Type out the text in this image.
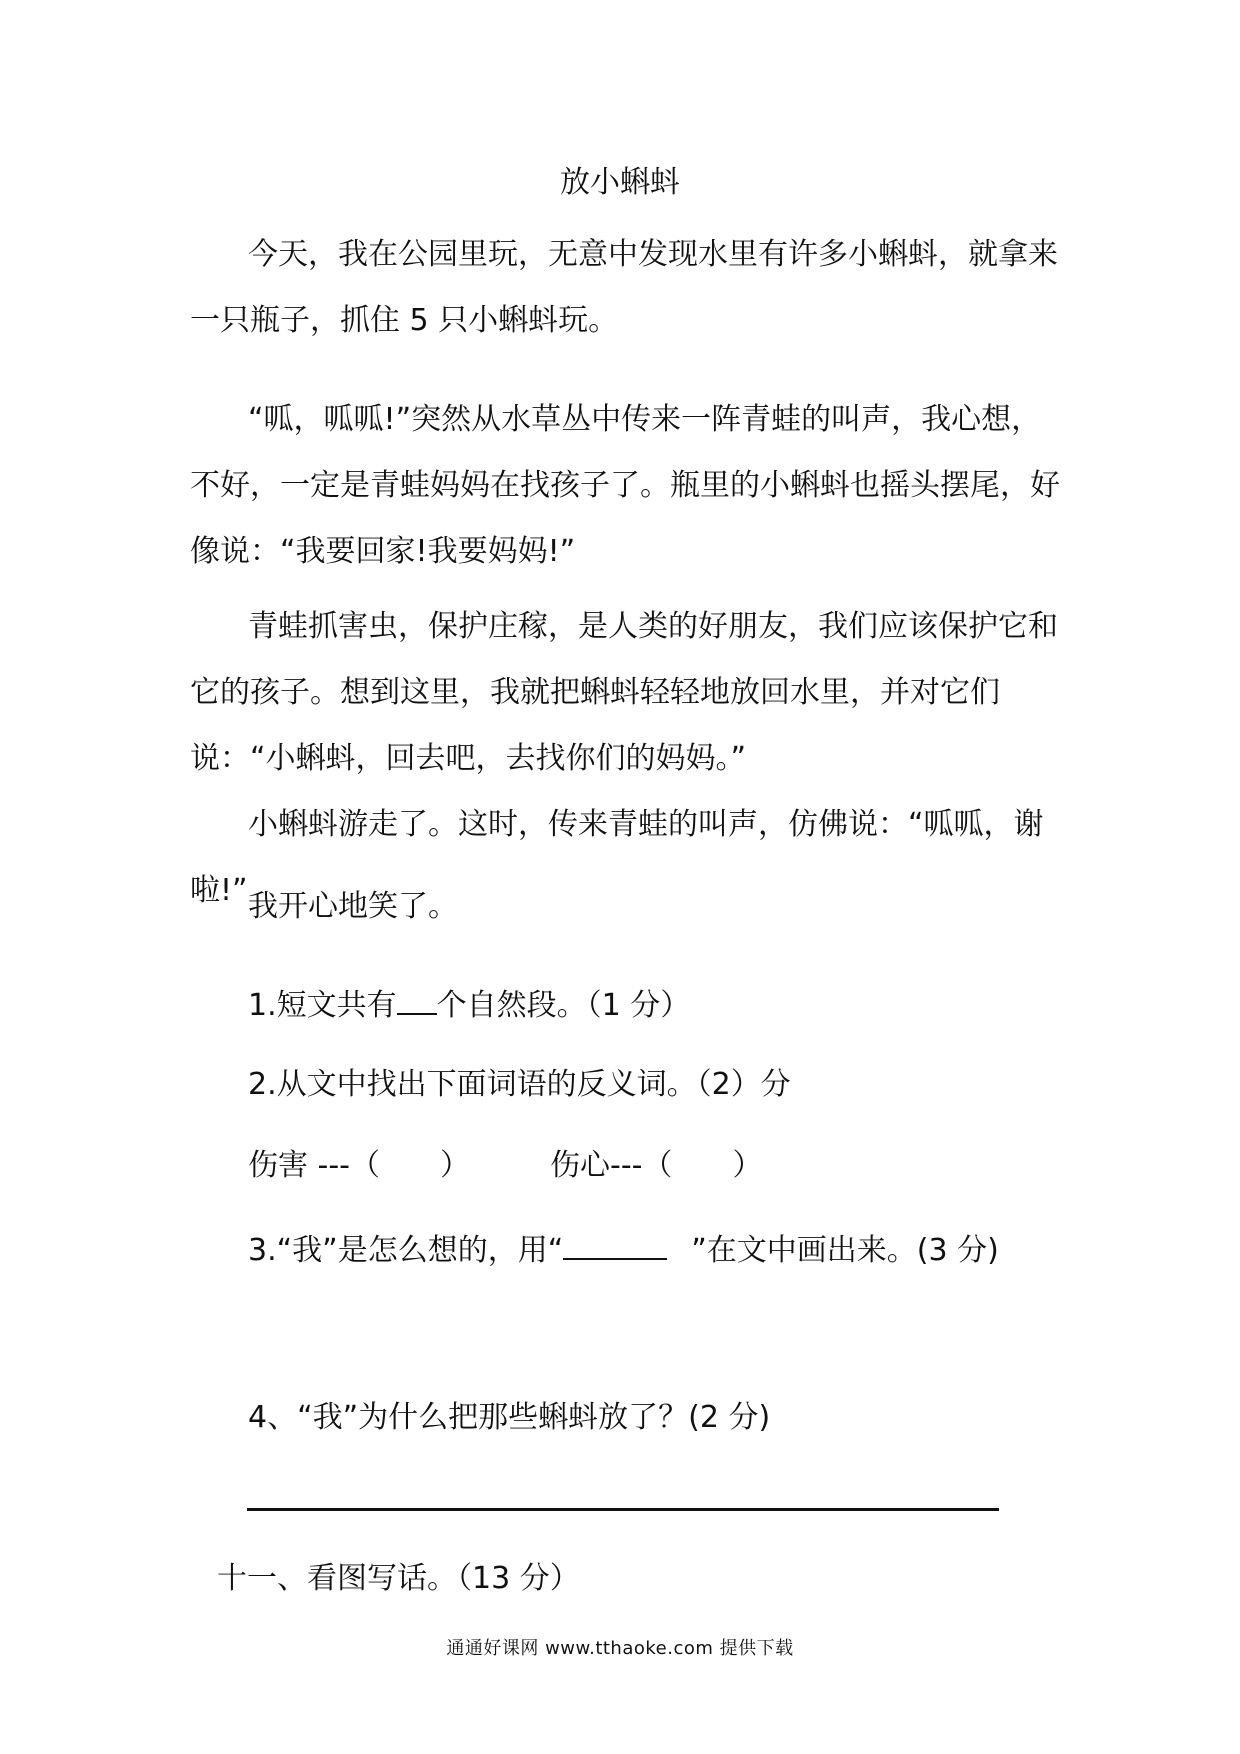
放小蝌蚪

今天，我在公园里玩，无意中发现水里有许多小蝌蚪，就拿来一只瓶子，抓住 5 只小蝌蚪玩。

“呱，呱呱!”突然从水草丛中传来一阵青蛙的叫声，我心想，不好，一定是青蛙妈妈在找孩子了。瓶里的小蝌蚪也摇头摆尾，好像说：“我要回家!我要妈妈!”

青蛙抓害虫，保护庄稼，是人类的好朋友，我们应该保护它和它的孩子。想到这里，我就把蝌蚪轻轻地放回水里，并对它们说：“小蝌蚪，回去吧，去找你们的妈妈。”

小蝌蚪游走了。这时，传来青蛙的叫声，仿佛说：“呱呱，谢啦!” 我开心地笑了。

1.短文共有 个自然段。（1 分）
2.从文中找出下面词语的反义词。（2）分
伤害 ---（ ）	伤心---（ ）
3.“我”是怎么想的，用“	”在文中画出来。(3 分)
4、“我”为什么把那些蝌蚪放了？(2 分)
十一、看图写话。（13 分）
通通好课网 www.tthaoke.com 提供下载
